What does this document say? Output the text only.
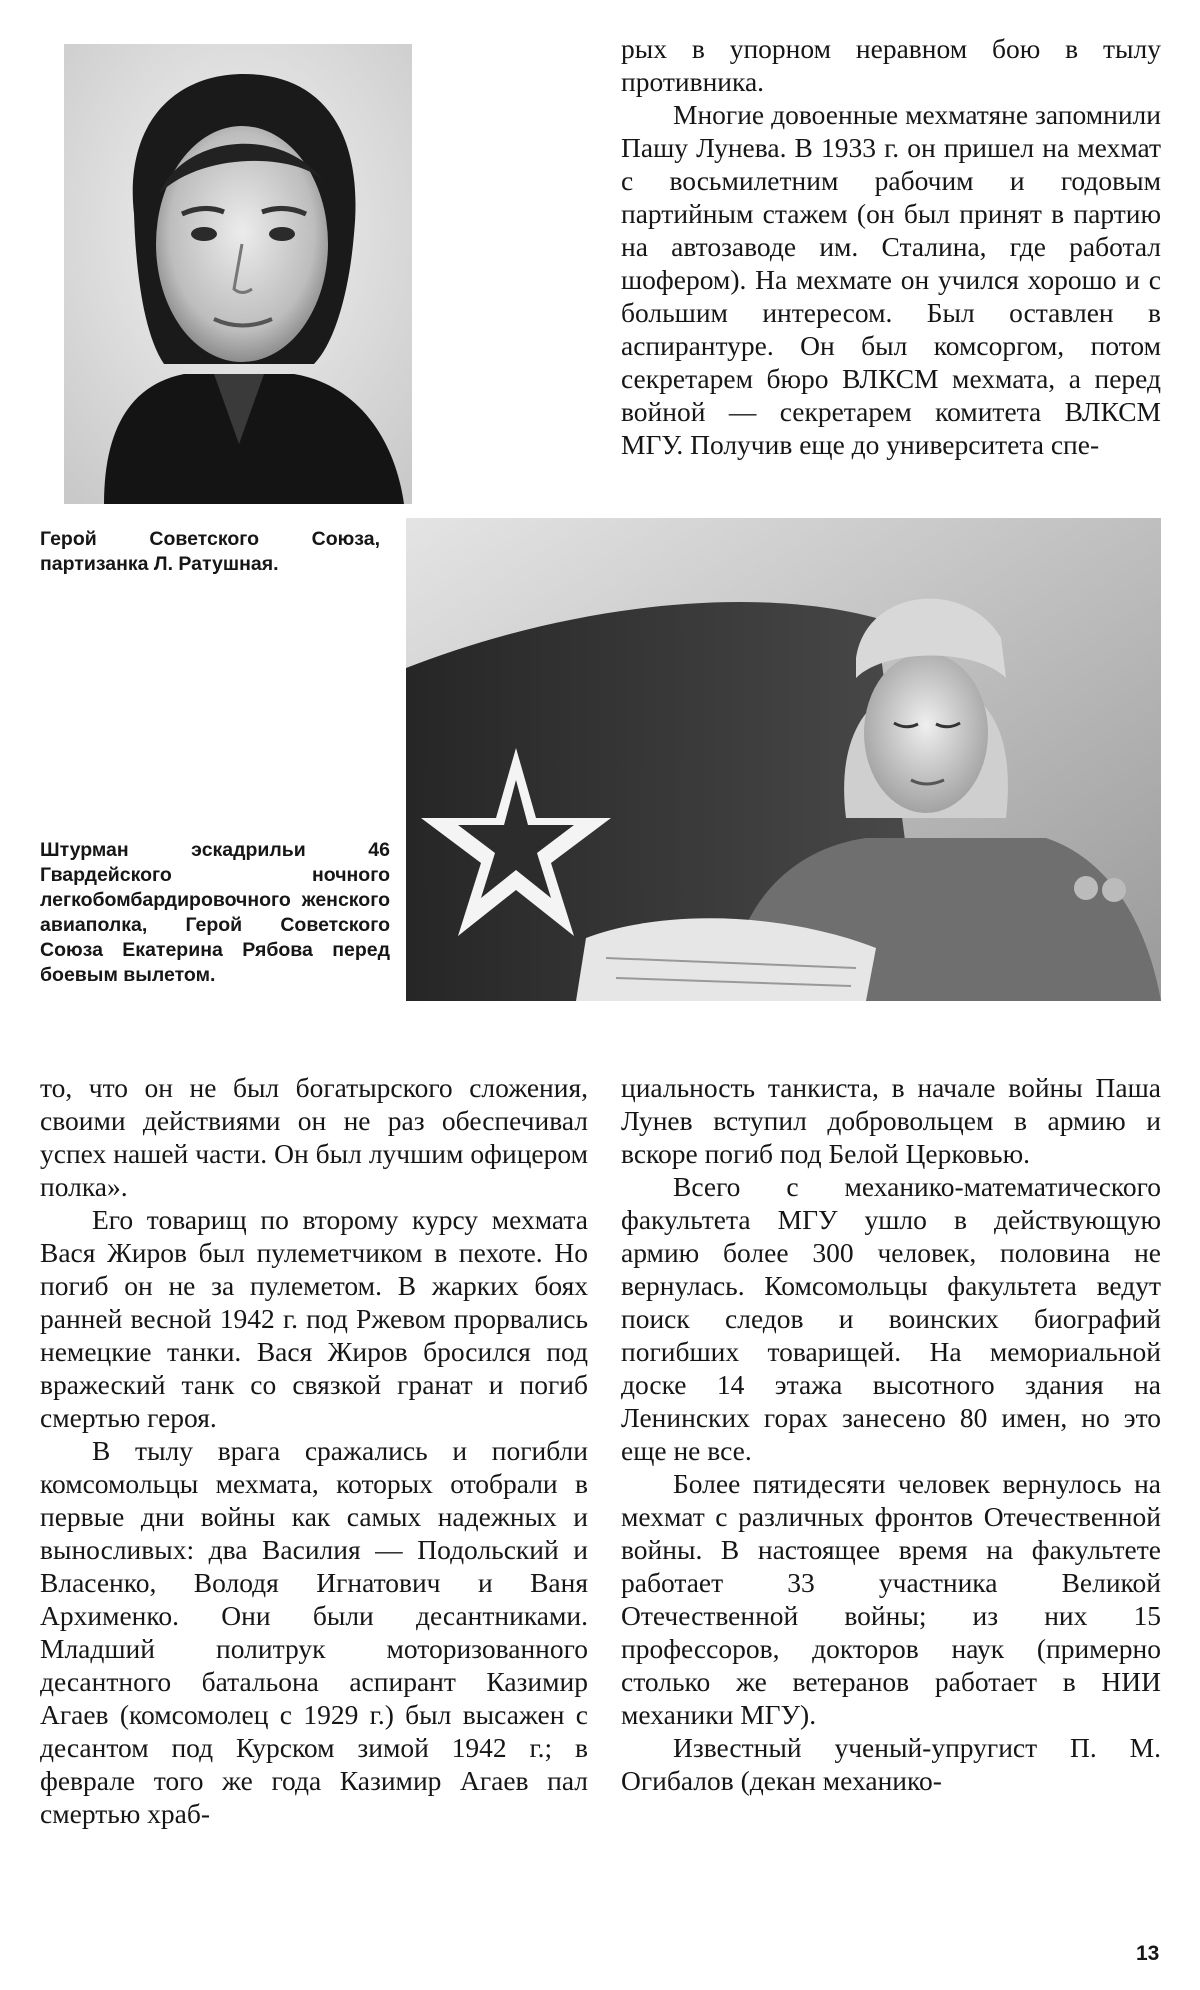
Герой Советского Союза, партизанка Л. Ратушная.
Штурман эскадрильи 46 Гвардейского ночного легкобомбардировочного женского авиаполка, Герой Советского Союза Екатерина Рябова перед боевым вылетом.

рых в упорном неравном бою в тылу противника.

Многие довоенные мехматяне запомнили Пашу Лунева. В 1933 г. он пришел на мехмат с восьмилетним рабочим и годовым партийным стажем (он был принят в партию на автозаводе им. Сталина, где работал шофером). На мехмате он учился хорошо и с большим интересом. Был оставлен в аспирантуре. Он был комсоргом, потом секретарем бюро ВЛКСМ мехмата, а перед войной — секретарем комитета ВЛКСМ МГУ. Получив еще до университета спе-

то, что он не был богатырского сложения, своими действиями он не раз обеспечивал успех нашей части. Он был лучшим офицером полка».

Его товарищ по второму курсу мехмата Вася Жиров был пулеметчиком в пехоте. Но погиб он не за пулеметом. В жарких боях ранней весной 1942 г. под Ржевом прорвались немецкие танки. Вася Жиров бросился под вражеский танк со связкой гранат и погиб смертью героя.

В тылу врага сражались и погибли комсомольцы мехмата, которых отобрали в первые дни войны как самых надежных и выносливых: два Василия — Подольский и Власенко, Володя Игнатович и Ваня Архименко. Они были десантниками. Младший политрук моторизованного десантного батальона аспирант Казимир Агаев (комсомолец с 1929 г.) был высажен с десантом под Курском зимой 1942 г.; в феврале того же года Казимир Агаев пал смертью храб-

циальность танкиста, в начале войны Паша Лунев вступил добровольцем в армию и вскоре погиб под Белой Церковью.

Всего с механико-математического факультета МГУ ушло в действующую армию более 300 человек, половина не вернулась. Комсомольцы факультета ведут поиск следов и воинских биографий погибших товарищей. На мемориальной доске 14 этажа высотного здания на Ленинских горах занесено 80 имен, но это еще не все.

Более пятидесяти человек вернулось на мехмат с различных фронтов Отечественной войны. В настоящее время на факультете работает 33 участника Великой Отечественной войны; из них 15 профессоров, докторов наук (примерно столько же ветеранов работает в НИИ механики МГУ).

Известный ученый-упругист П. М. Огибалов (декан механико-

13
